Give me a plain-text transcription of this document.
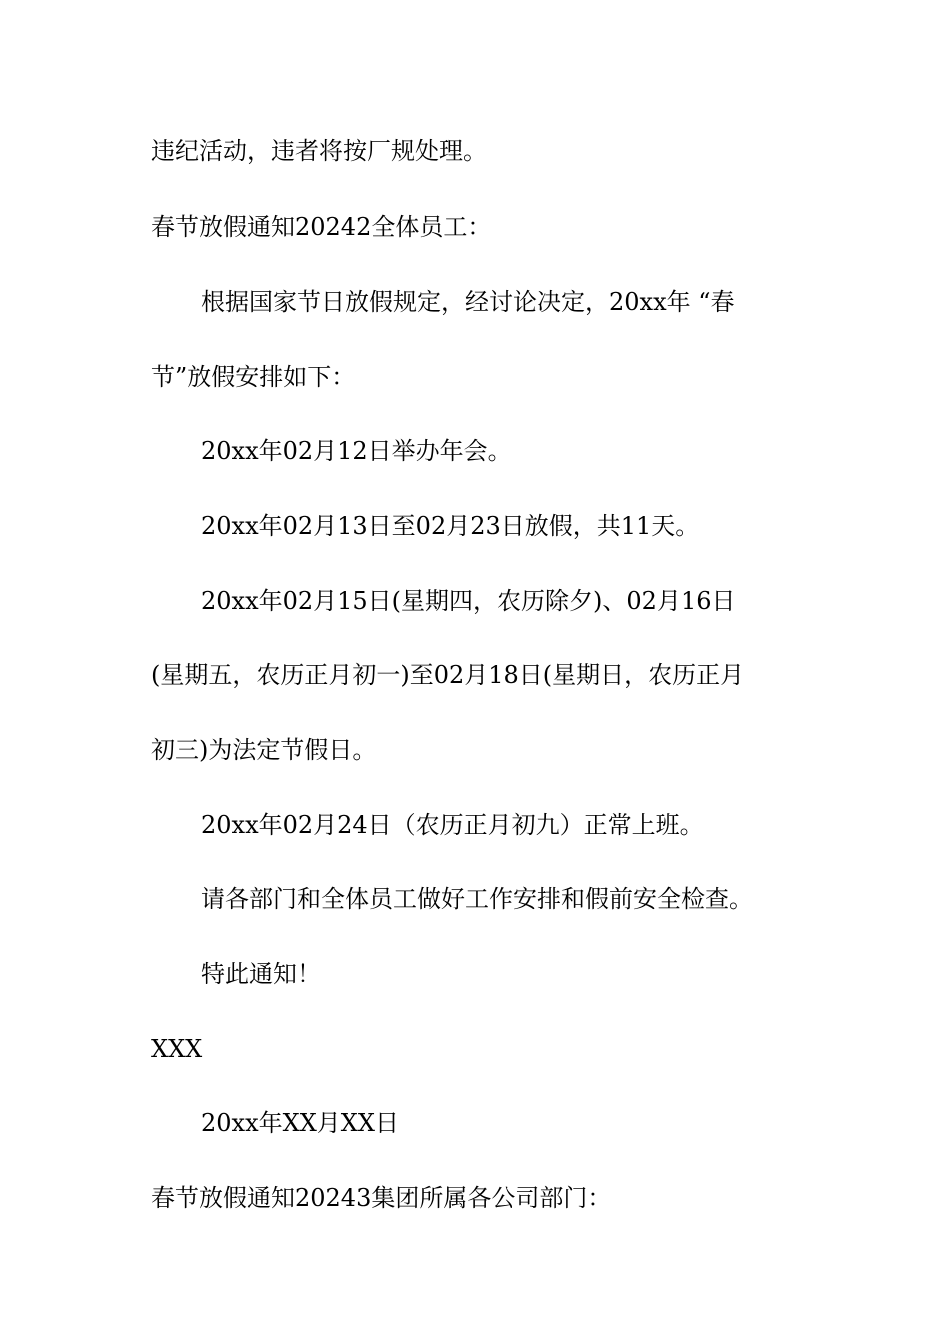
违纪活动，违者将按厂规处理。
春节放假通知20242全体员工：
根据国家节日放假规定，经讨论决定，20xx年 “春
节”放假安排如下：
20xx年02月12日举办年会。
20xx年02月13日至02月23日放假，共11天。
20xx年02月15日(星期四，农历除夕)、02月16日
(星期五，农历正月初一)至02月18日(星期日，农历正月
初三)为法定节假日。
20xx年02月24日（农历正月初九）正常上班。
请各部门和全体员工做好工作安排和假前安全检查。
特此通知！
XXX
20xx年XX月XX日
春节放假通知20243集团所属各公司部门：
